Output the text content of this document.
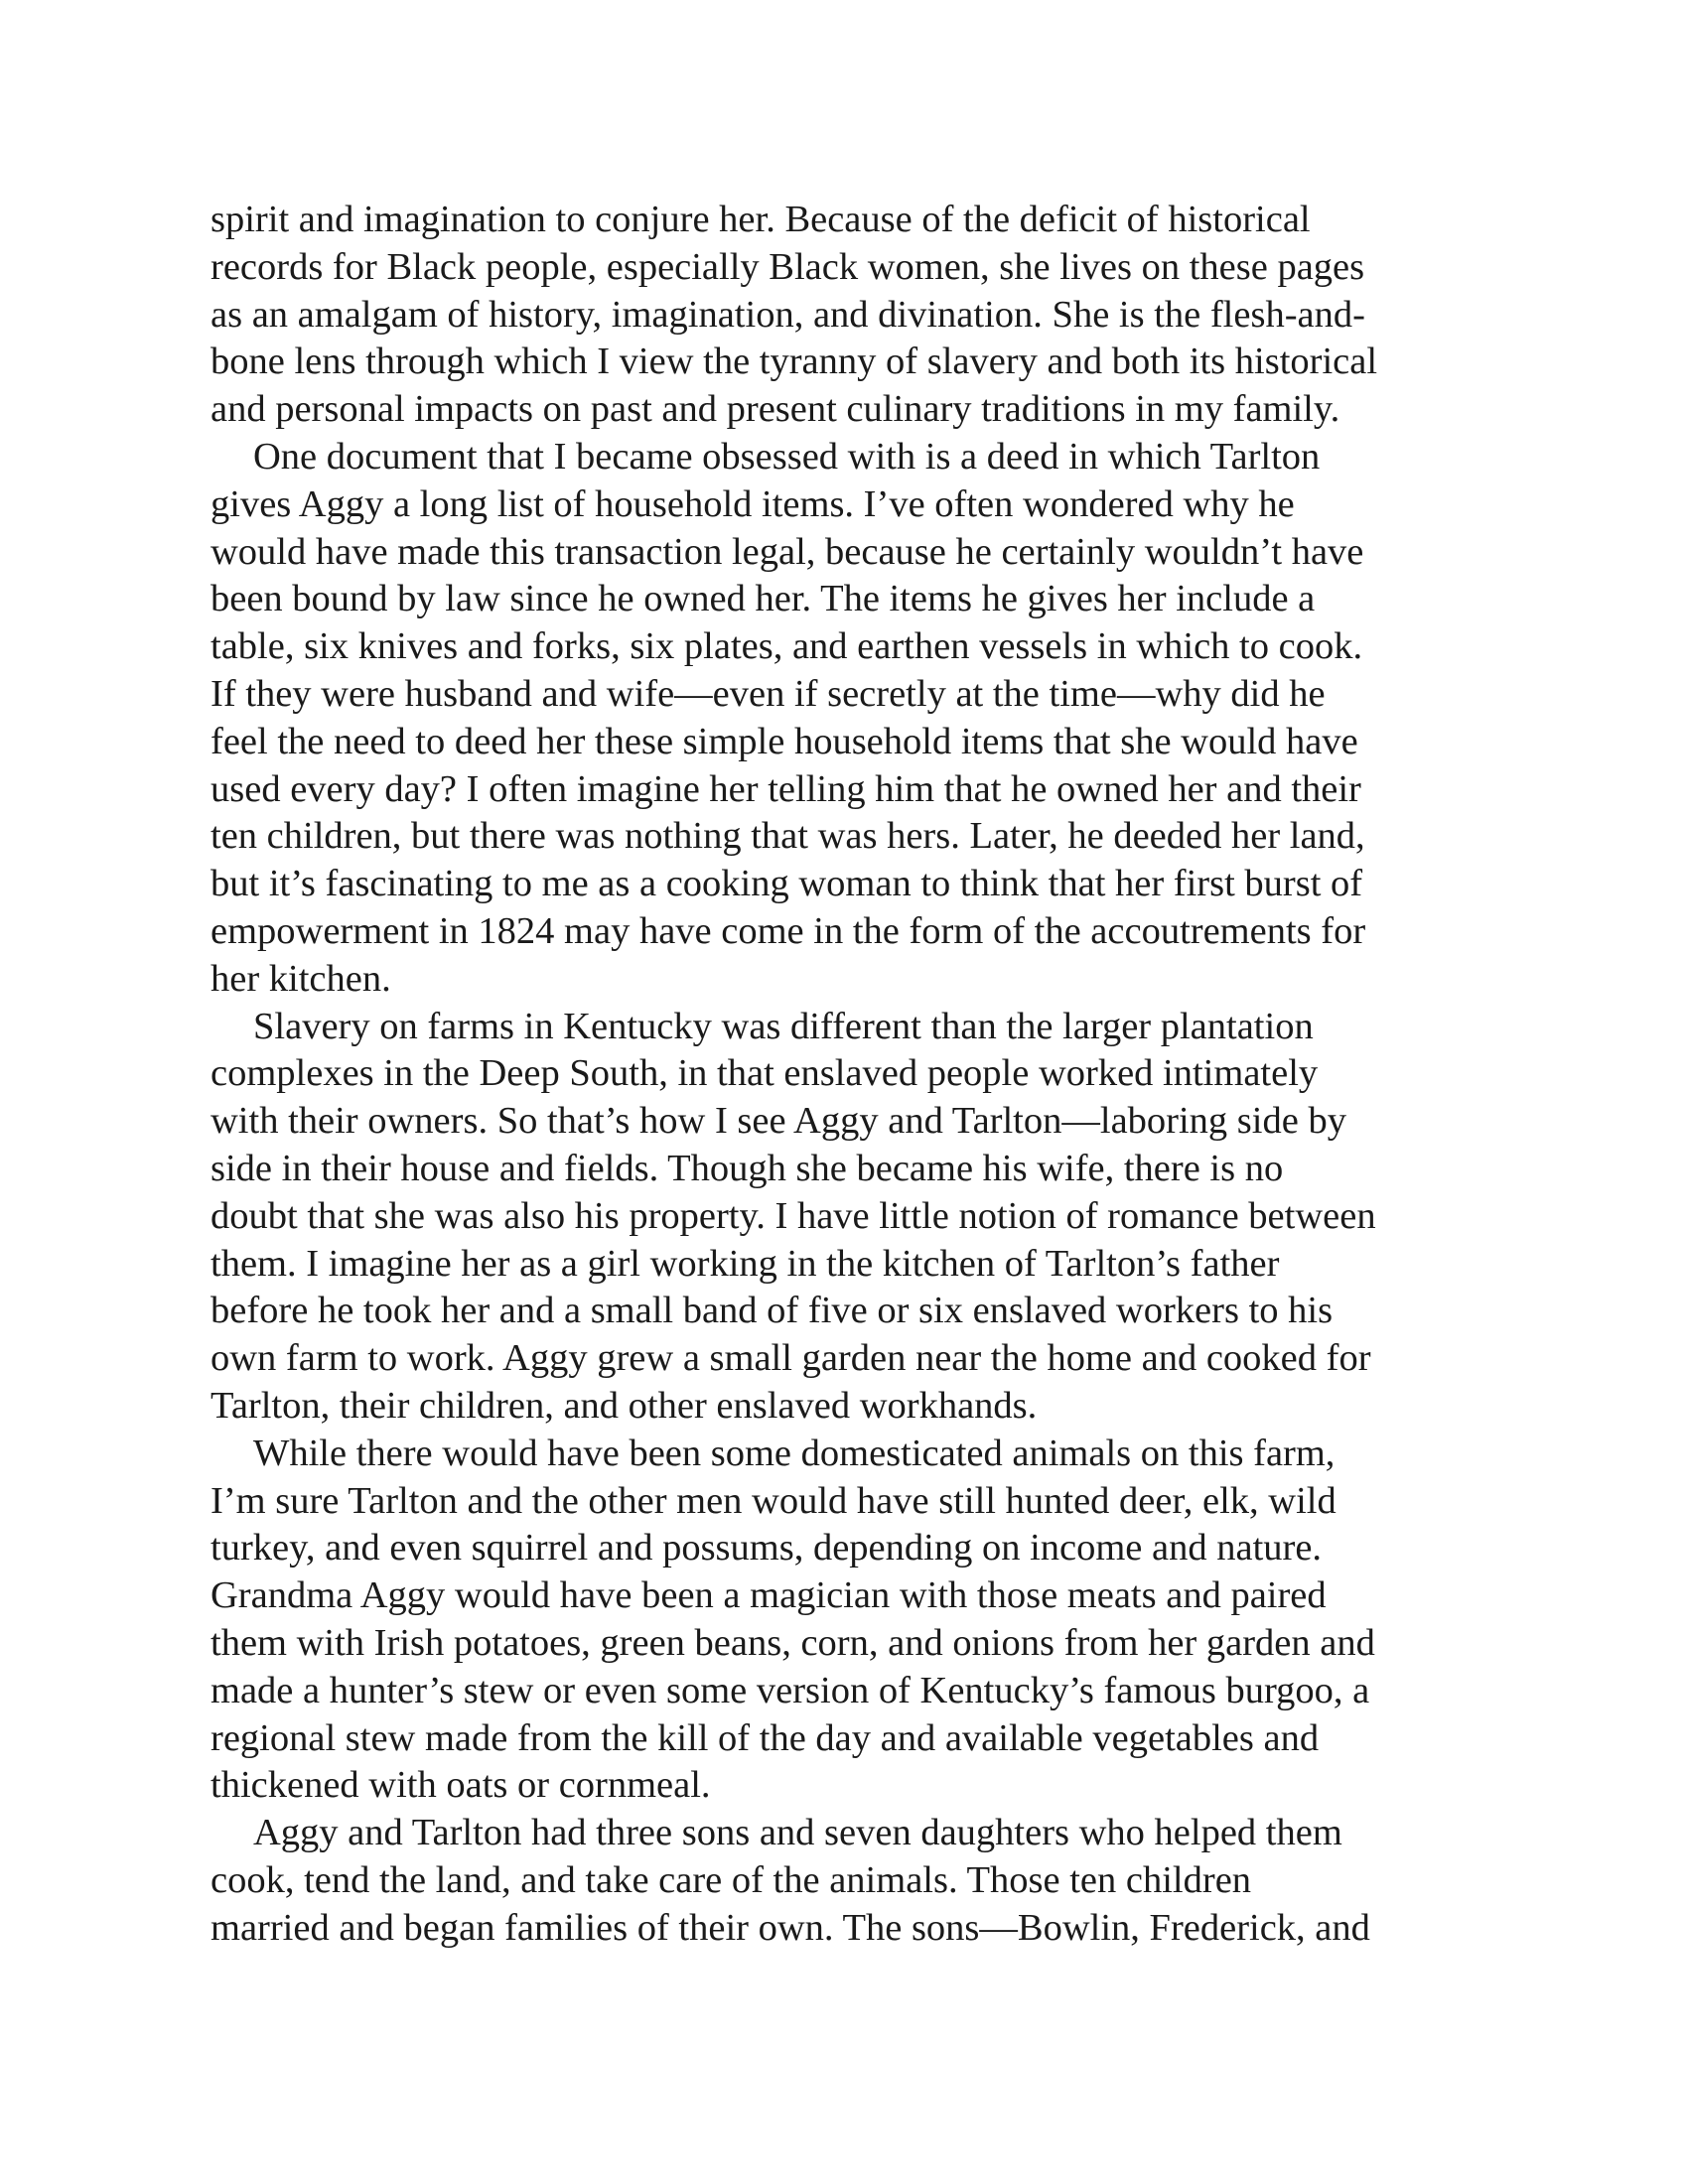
spirit and imagination to conjure her. Because of the deficit of historical
records for Black people, especially Black women, she lives on these pages
as an amalgam of history, imagination, and divination. She is the flesh-and-
bone lens through which I view the tyranny of slavery and both its historical
and personal impacts on past and present culinary traditions in my family.
One document that I became obsessed with is a deed in which Tarlton
gives Aggy a long list of household items. I’ve often wondered why he
would have made this transaction legal, because he certainly wouldn’t have
been bound by law since he owned her. The items he gives her include a
table, six knives and forks, six plates, and earthen vessels in which to cook.
If they were husband and wife—even if secretly at the time—why did he
feel the need to deed her these simple household items that she would have
used every day? I often imagine her telling him that he owned her and their
ten children, but there was nothing that was hers. Later, he deeded her land,
but it’s fascinating to me as a cooking woman to think that her first burst of
empowerment in 1824 may have come in the form of the accoutrements for
her kitchen.
Slavery on farms in Kentucky was different than the larger plantation
complexes in the Deep South, in that enslaved people worked intimately
with their owners. So that’s how I see Aggy and Tarlton—laboring side by
side in their house and fields. Though she became his wife, there is no
doubt that she was also his property. I have little notion of romance between
them. I imagine her as a girl working in the kitchen of Tarlton’s father
before he took her and a small band of five or six enslaved workers to his
own farm to work. Aggy grew a small garden near the home and cooked for
Tarlton, their children, and other enslaved workhands.
While there would have been some domesticated animals on this farm,
I’m sure Tarlton and the other men would have still hunted deer, elk, wild
turkey, and even squirrel and possums, depending on income and nature.
Grandma Aggy would have been a magician with those meats and paired
them with Irish potatoes, green beans, corn, and onions from her garden and
made a hunter’s stew or even some version of Kentucky’s famous burgoo, a
regional stew made from the kill of the day and available vegetables and
thickened with oats or cornmeal.
Aggy and Tarlton had three sons and seven daughters who helped them
cook, tend the land, and take care of the animals. Those ten children
married and began families of their own. The sons—Bowlin, Frederick, and
